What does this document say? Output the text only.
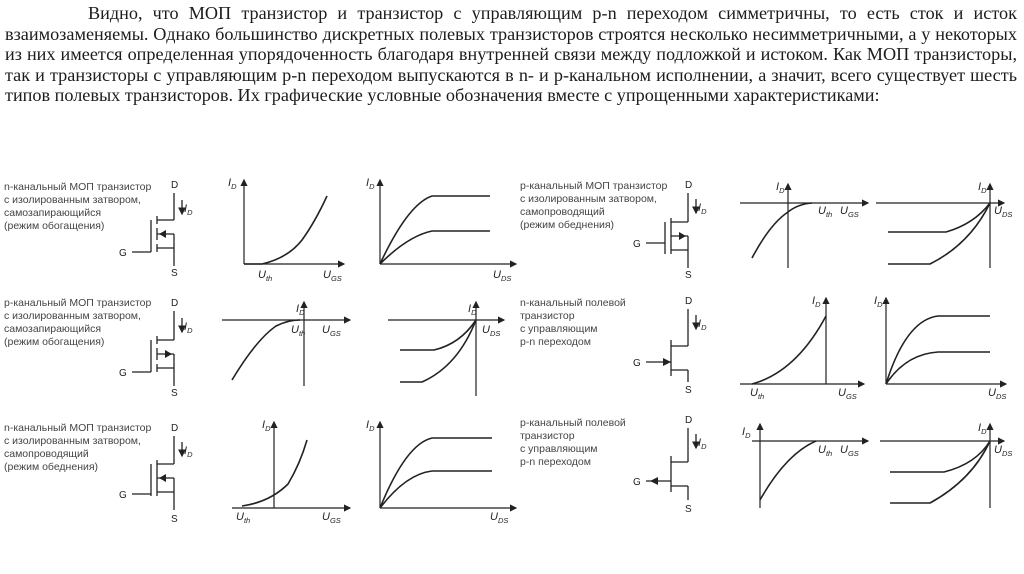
Видно, что МОП транзистор и транзистор с управляющим p-n переходом симметричны, то есть сток и исток взаимозаменяемы. Однако большинство дискретных полевых транзисторов строятся несколько несимметричными, а у некоторых из них имеется определенная упорядоченность благодаря внутренней связи между подложкой и истоком. Как МОП транзисторы, так и транзисторы с управляющим p-n переходом выпускаются в n- и p-канальном исполнении, а значит, всего существует шесть типов полевых транзисторов. Их графические условные обозначения вместе с упрощенными характеристиками:

n-канальный МОП транзистор
с изолированным затвором,
самозапирающийся
(режим обогащения)
p-канальный МОП транзистор
с изолированным затвором,
самозапирающийся
(режим обогащения)
n-канальный МОП транзистор
с изолированным затвором,
самопроводящий
(режим обеднения)
p-канальный МОП транзистор
с изолированным затвором,
самопроводящий
(режим обеднения)
n-канальный полевой
транзистор
с управляющим
p-n переходом
p-канальный полевой
транзистор
с управляющим
p-n переходом
D
$I_D$
G
S
D
$I_D$
G
S
D
$I_D$
G
S
D
$I_D$
G
S
D
$I_D$
G
S
D
$I_D$
G
S
$I_D$
$U_{th}$	$U_{GS}$
$I_D$
$U_{DS}$
$I_D$
$U_{th}$ $U_{GS}$
$I_D$
$U_{DS}$
$I_D$
$U_{th}$ $U_{GS}$
$I_D$
$U_{DS}$
$I_D$
$U_{th}$	$U_{GS}$
$I_D$
$U_{DS}$
$I_D$
$U_{th}$	$U_{GS}$
$I_D$
$U_{DS}$
$I_D$
$U_{th}$ $U_{GS}$
$I_D$
$U_{DS}$
